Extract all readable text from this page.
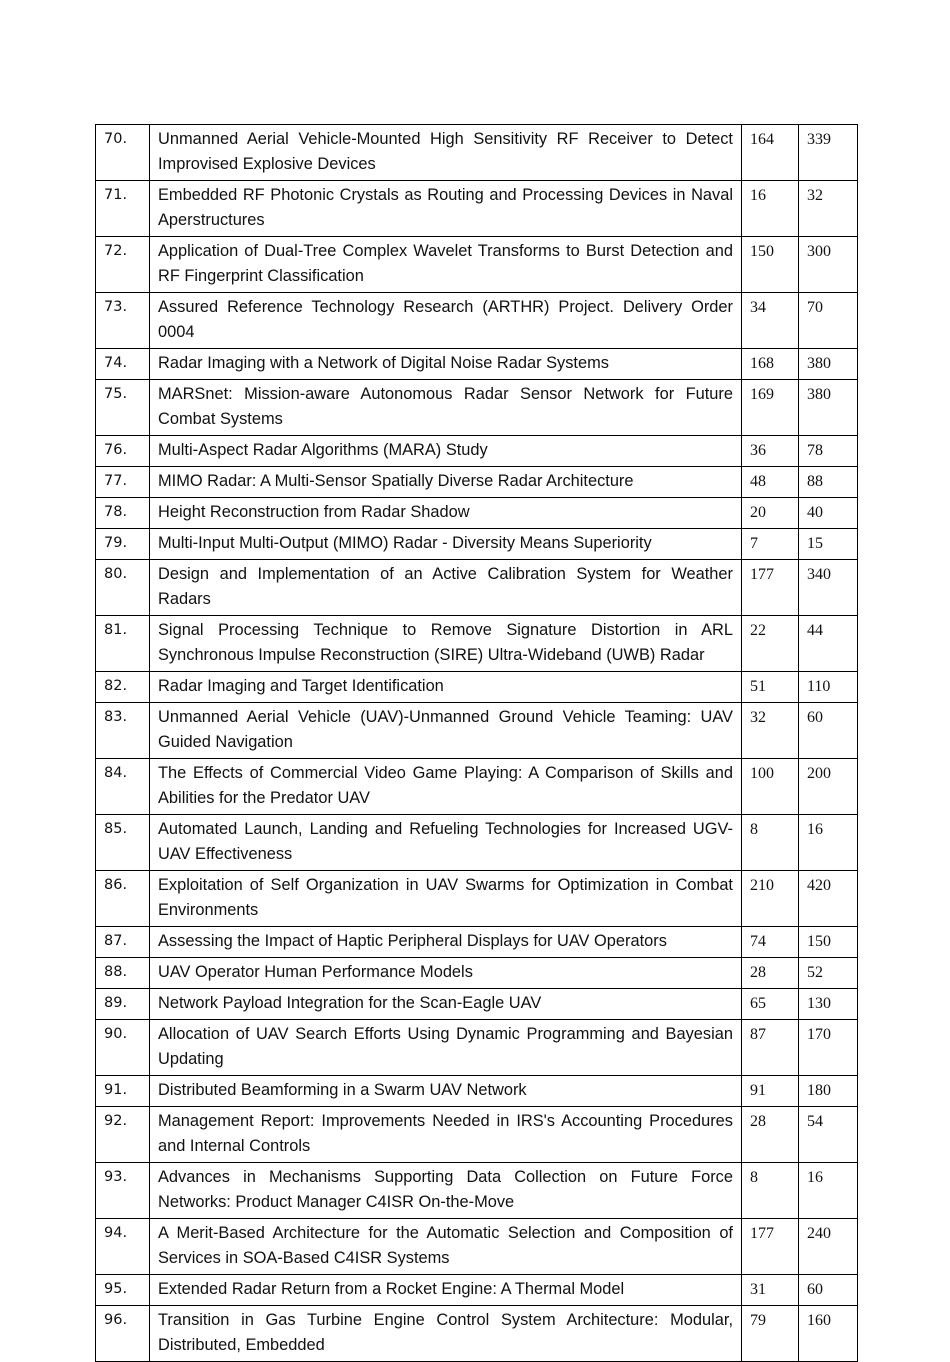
70.	Unmanned Aerial Vehicle-Mounted High Sensitivity RF Receiver to Detect Improvised Explosive Devices	164	339
71.	Embedded RF Photonic Crystals as Routing and Processing Devices in Naval Aperstructures	16	32
72.	Application of Dual-Tree Complex Wavelet Transforms to Burst Detection and RF Fingerprint Classification	150	300
73.	Assured Reference Technology Research (ARTHR) Project. Delivery Order 0004	34	70
74.	Radar Imaging with a Network of Digital Noise Radar Systems	168	380
75.	MARSnet: Mission-aware Autonomous Radar Sensor Network for Future Combat Systems	169	380
76.	Multi-Aspect Radar Algorithms (MARA) Study	36	78
77.	MIMO Radar: A Multi-Sensor Spatially Diverse Radar Architecture	48	88
78.	Height Reconstruction from Radar Shadow	20	40
79.	Multi-Input Multi-Output (MIMO) Radar - Diversity Means Superiority	7	15
80.	Design and Implementation of an Active Calibration System for Weather Radars	177	340
81.	Signal Processing Technique to Remove Signature Distortion in ARL Synchronous Impulse Reconstruction (SIRE) Ultra-Wideband (UWB) Radar	22	44
82.	Radar Imaging and Target Identification	51	110
83.	Unmanned Aerial Vehicle (UAV)-Unmanned Ground Vehicle Teaming: UAV Guided Navigation	32	60
84.	The Effects of Commercial Video Game Playing: A Comparison of Skills and Abilities for the Predator UAV	100	200
85.	Automated Launch, Landing and Refueling Technologies for Increased UGV-UAV Effectiveness	8	16
86.	Exploitation of Self Organization in UAV Swarms for Optimization in Combat Environments	210	420
87.	Assessing the Impact of Haptic Peripheral Displays for UAV Operators	74	150
88.	UAV Operator Human Performance Models	28	52
89.	Network Payload Integration for the Scan-Eagle UAV	65	130
90.	Allocation of UAV Search Efforts Using Dynamic Programming and Bayesian Updating	87	170
91.	Distributed Beamforming in a Swarm UAV Network	91	180
92.	Management Report: Improvements Needed in IRS's Accounting Procedures and Internal Controls	28	54
93.	Advances in Mechanisms Supporting Data Collection on Future Force Networks: Product Manager C4ISR On-the-Move	8	16
94.	A Merit-Based Architecture for the Automatic Selection and Composition of Services in SOA-Based C4ISR Systems	177	240
95.	Extended Radar Return from a Rocket Engine: A Thermal Model	31	60
96.	Transition in Gas Turbine Engine Control System Architecture: Modular, Distributed, Embedded	79	160
